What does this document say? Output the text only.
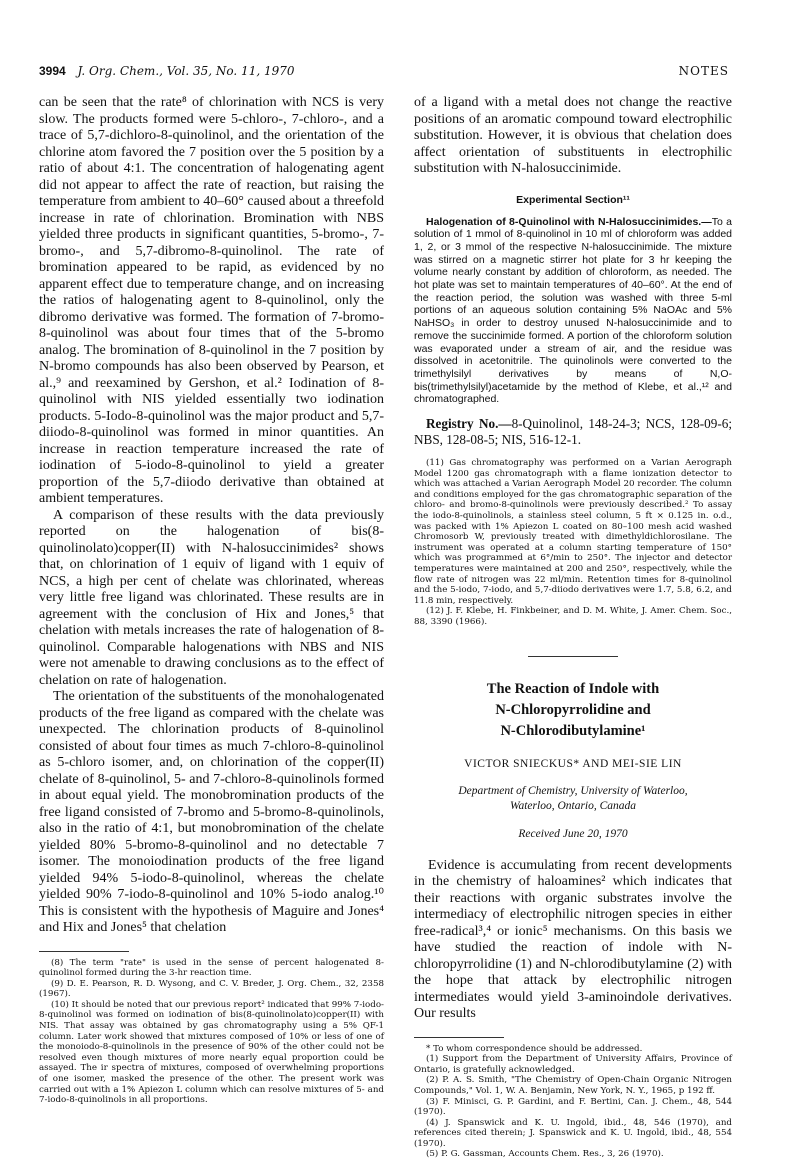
3994 J. Org. Chem., Vol. 35, No. 11, 1970	NOTES

can be seen that the rate⁸ of chlorination with NCS is very slow. The products formed were 5-chloro-, 7-chloro-, and a trace of 5,7-dichloro-8-quinolinol, and the orientation of the chlorine atom favored the 7 position over the 5 position by a ratio of about 4:1. The concentration of halogenating agent did not appear to affect the rate of reaction, but raising the temperature from ambient to 40–60° caused about a threefold increase in rate of chlorination. Bromination with NBS yielded three products in significant quantities, 5-bromo-, 7-bromo-, and 5,7-dibromo-8-quinolinol. The rate of bromination appeared to be rapid, as evidenced by no apparent effect due to temperature change, and on increasing the ratios of halogenating agent to 8-quinolinol, only the dibromo derivative was formed. The formation of 7-bromo-8-quinolinol was about four times that of the 5-bromo analog. The bromination of 8-quinolinol in the 7 position by N-bromo compounds has also been observed by Pearson, et al.,⁹ and reexamined by Gershon, et al.² Iodination of 8-quinolinol with NIS yielded essentially two iodination products. 5-Iodo-8-quinolinol was the major product and 5,7-diiodo-8-quinolinol was formed in minor quantities. An increase in reaction temperature increased the rate of iodination of 5-iodo-8-quinolinol to yield a greater proportion of the 5,7-diiodo derivative than obtained at ambient temperatures.

A comparison of these results with the data previously reported on the halogenation of bis(8-quinolinolato)copper(II) with N-halosuccinimides² shows that, on chlorination of 1 equiv of ligand with 1 equiv of NCS, a high per cent of chelate was chlorinated, whereas very little free ligand was chlorinated. These results are in agreement with the conclusion of Hix and Jones,⁵ that chelation with metals increases the rate of halogenation of 8-quinolinol. Comparable halogenations with NBS and NIS were not amenable to drawing conclusions as to the effect of chelation on rate of halogenation.

The orientation of the substituents of the monohalogenated products of the free ligand as compared with the chelate was unexpected. The chlorination products of 8-quinolinol consisted of about four times as much 7-chloro-8-quinolinol as 5-chloro isomer, and, on chlorination of the copper(II) chelate of 8-quinolinol, 5- and 7-chloro-8-quinolinols formed in about equal yield. The monobromination products of the free ligand consisted of 7-bromo and 5-bromo-8-quinolinols, also in the ratio of 4:1, but monobromination of the chelate yielded 80% 5-bromo-8-quinolinol and no detectable 7 isomer. The monoiodination products of the free ligand yielded 94% 5-iodo-8-quinolinol, whereas the chelate yielded 90% 7-iodo-8-quinolinol and 10% 5-iodo analog.¹⁰ This is consistent with the hypothesis of Maguire and Jones⁴ and Hix and Jones⁵ that chelation

(8) The term "rate" is used in the sense of percent halogenated 8-quinolinol formed during the 3-hr reaction time.

(9) D. E. Pearson, R. D. Wysong, and C. V. Breder, J. Org. Chem., 32, 2358 (1967).

(10) It should be noted that our previous report² indicated that 99% 7-iodo-8-quinolinol was formed on iodination of bis(8-quinolinolato)copper(II) with NIS. That assay was obtained by gas chromatography using a 5% QF-1 column. Later work showed that mixtures composed of 10% or less of one of the monoiodo-8-quinolinols in the presence of 90% of the other could not be resolved even though mixtures of more nearly equal proportion could be assayed. The ir spectra of mixtures, composed of overwhelming proportions of one isomer, masked the presence of the other. The present work was carried out with a 1% Apiezon L column which can resolve mixtures of 5- and 7-iodo-8-quinolinols in all proportions.

of a ligand with a metal does not change the reactive positions of an aromatic compound toward electrophilic substitution. However, it is obvious that chelation does affect orientation of substituents in electrophilic substitution with N-halosuccinimide.

Experimental Section¹¹

Halogenation of 8-Quinolinol with N-Halosuccinimides.—To a solution of 1 mmol of 8-quinolinol in 10 ml of chloroform was added 1, 2, or 3 mmol of the respective N-halosuccinimide. The mixture was stirred on a magnetic stirrer hot plate for 3 hr keeping the volume nearly constant by addition of chloroform, as needed. The hot plate was set to maintain temperatures of 40–60°. At the end of the reaction period, the solution was washed with three 5-ml portions of an aqueous solution containing 5% NaOAc and 5% NaHSO₃ in order to destroy unused N-halosuccinimide and to remove the succinimide formed. A portion of the chloroform solution was evaporated under a stream of air, and the residue was dissolved in acetonitrile. The quinolinols were converted to the trimethylsilyl derivatives by means of N,O-bis(trimethylsilyl)acetamide by the method of Klebe, et al.,¹² and chromatographed.

Registry No.—8-Quinolinol, 148-24-3; NCS, 128-09-6; NBS, 128-08-5; NIS, 516-12-1.

(11) Gas chromatography was performed on a Varian Aerograph Model 1200 gas chromatograph with a flame ionization detector to which was attached a Varian Aerograph Model 20 recorder. The column and conditions employed for the gas chromatographic separation of the chloro- and bromo-8-quinolinols were previously described.² To assay the iodo-8-quinolinols, a stainless steel column, 5 ft × 0.125 in. o.d., was packed with 1% Apiezon L coated on 80–100 mesh acid washed Chromosorb W, previously treated with dimethyldichlorosilane. The instrument was operated at a column starting temperature of 150° which was programmed at 6°/min to 250°. The injector and detector temperatures were maintained at 200 and 250°, respectively, while the flow rate of nitrogen was 22 ml/min. Retention times for 8-quinolinol and the 5-iodo, 7-iodo, and 5,7-diiodo derivatives were 1.7, 5.8, 6.2, and 11.8 min, respectively.

(12) J. F. Klebe, H. Finkbeiner, and D. M. White, J. Amer. Chem. Soc., 88, 3390 (1966).

The Reaction of Indole with

N-Chloropyrrolidine and

N-Chlorodibutylamine¹

VICTOR SNIECKUS* AND MEI-SIE LIN

Department of Chemistry, University of Waterloo,
Waterloo, Ontario, Canada

Received June 20, 1970

Evidence is accumulating from recent developments in the chemistry of haloamines² which indicates that their reactions with organic substrates involve the intermediacy of electrophilic nitrogen species in either free-radical³,⁴ or ionic⁵ mechanisms. On this basis we have studied the reaction of indole with N-chloropyrrolidine (1) and N-chlorodibutylamine (2) with the hope that attack by electrophilic nitrogen intermediates would yield 3-aminoindole derivatives. Our results

* To whom correspondence should be addressed.

(1) Support from the Department of University Affairs, Province of Ontario, is gratefully acknowledged.

(2) P. A. S. Smith, "The Chemistry of Open-Chain Organic Nitrogen Compounds," Vol. 1, W. A. Benjamin, New York, N. Y., 1965, p 192 ff.

(3) F. Minisci, G. P. Gardini, and F. Bertini, Can. J. Chem., 48, 544 (1970).

(4) J. Spanswick and K. U. Ingold, ibid., 48, 546 (1970), and references cited therein; J. Spanswick and K. U. Ingold, ibid., 48, 554 (1970).

(5) P. G. Gassman, Accounts Chem. Res., 3, 26 (1970).
